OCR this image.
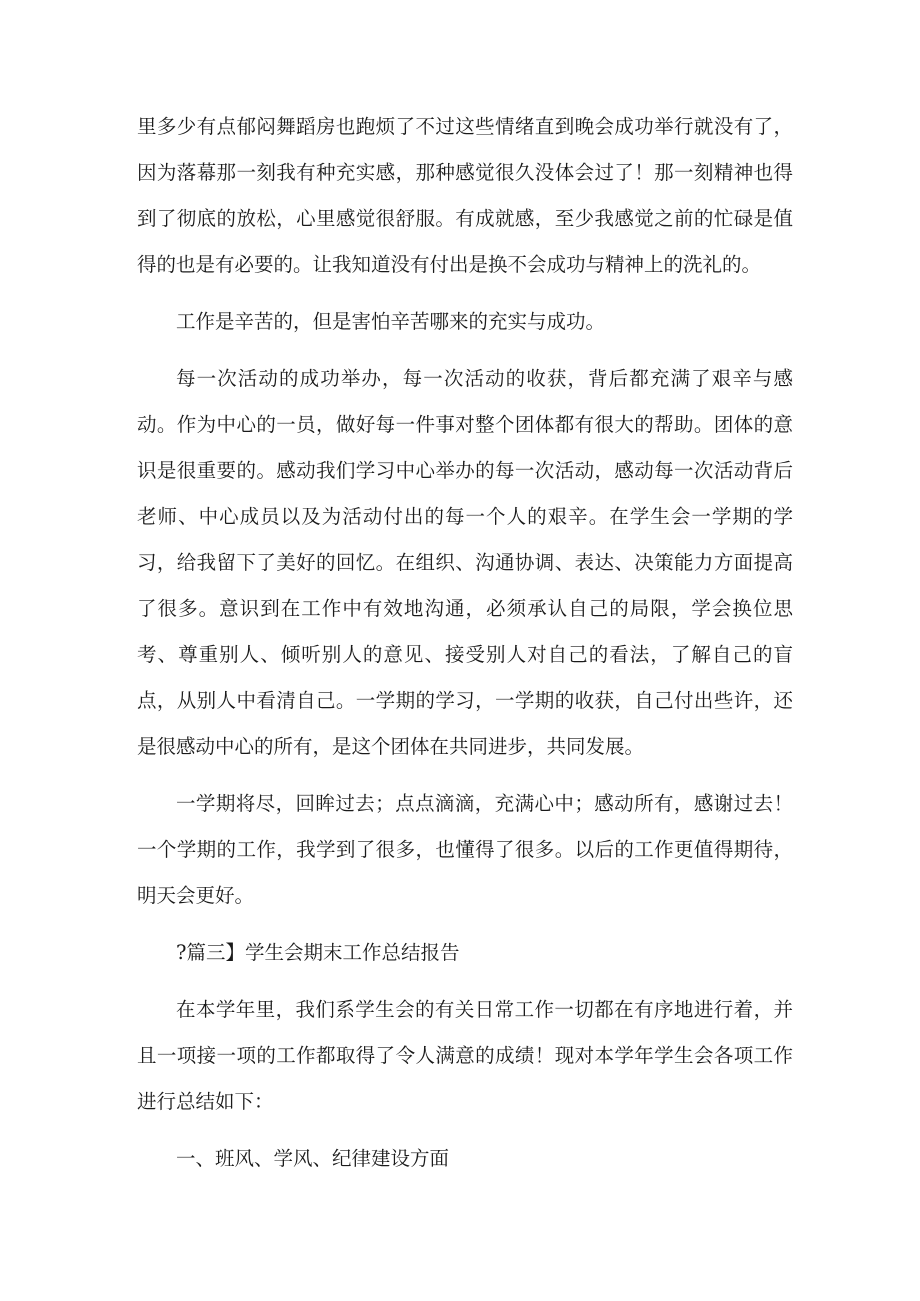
里多少有点郁闷舞蹈房也跑烦了不过这些情绪直到晚会成功举行就没有了，因为落幕那一刻我有种充实感，那种感觉很久没体会过了！那一刻精神也得到了彻底的放松，心里感觉很舒服。有成就感，至少我感觉之前的忙碌是值得的也是有必要的。让我知道没有付出是换不会成功与精神上的洗礼的。

工作是辛苦的，但是害怕辛苦哪来的充实与成功。

每一次活动的成功举办，每一次活动的收获，背后都充满了艰辛与感动。作为中心的一员，做好每一件事对整个团体都有很大的帮助。团体的意识是很重要的。感动我们学习中心举办的每一次活动，感动每一次活动背后老师、中心成员以及为活动付出的每一个人的艰辛。在学生会一学期的学习，给我留下了美好的回忆。在组织、沟通协调、表达、决策能力方面提高了很多。意识到在工作中有效地沟通，必须承认自己的局限，学会换位思考、尊重别人、倾听别人的意见、接受别人对自己的看法，了解自己的盲点，从别人中看清自己。一学期的学习，一学期的收获，自己付出些许，还是很感动中心的所有，是这个团体在共同进步，共同发展。

一学期将尽，回眸过去；点点滴滴，充满心中；感动所有，感谢过去！一个学期的工作，我学到了很多，也懂得了很多。以后的工作更值得期待，明天会更好。

?篇三】学生会期末工作总结报告

在本学年里，我们系学生会的有关日常工作一切都在有序地进行着，并且一项接一项的工作都取得了令人满意的成绩！现对本学年学生会各项工作进行总结如下：

一、班风、学风、纪律建设方面
